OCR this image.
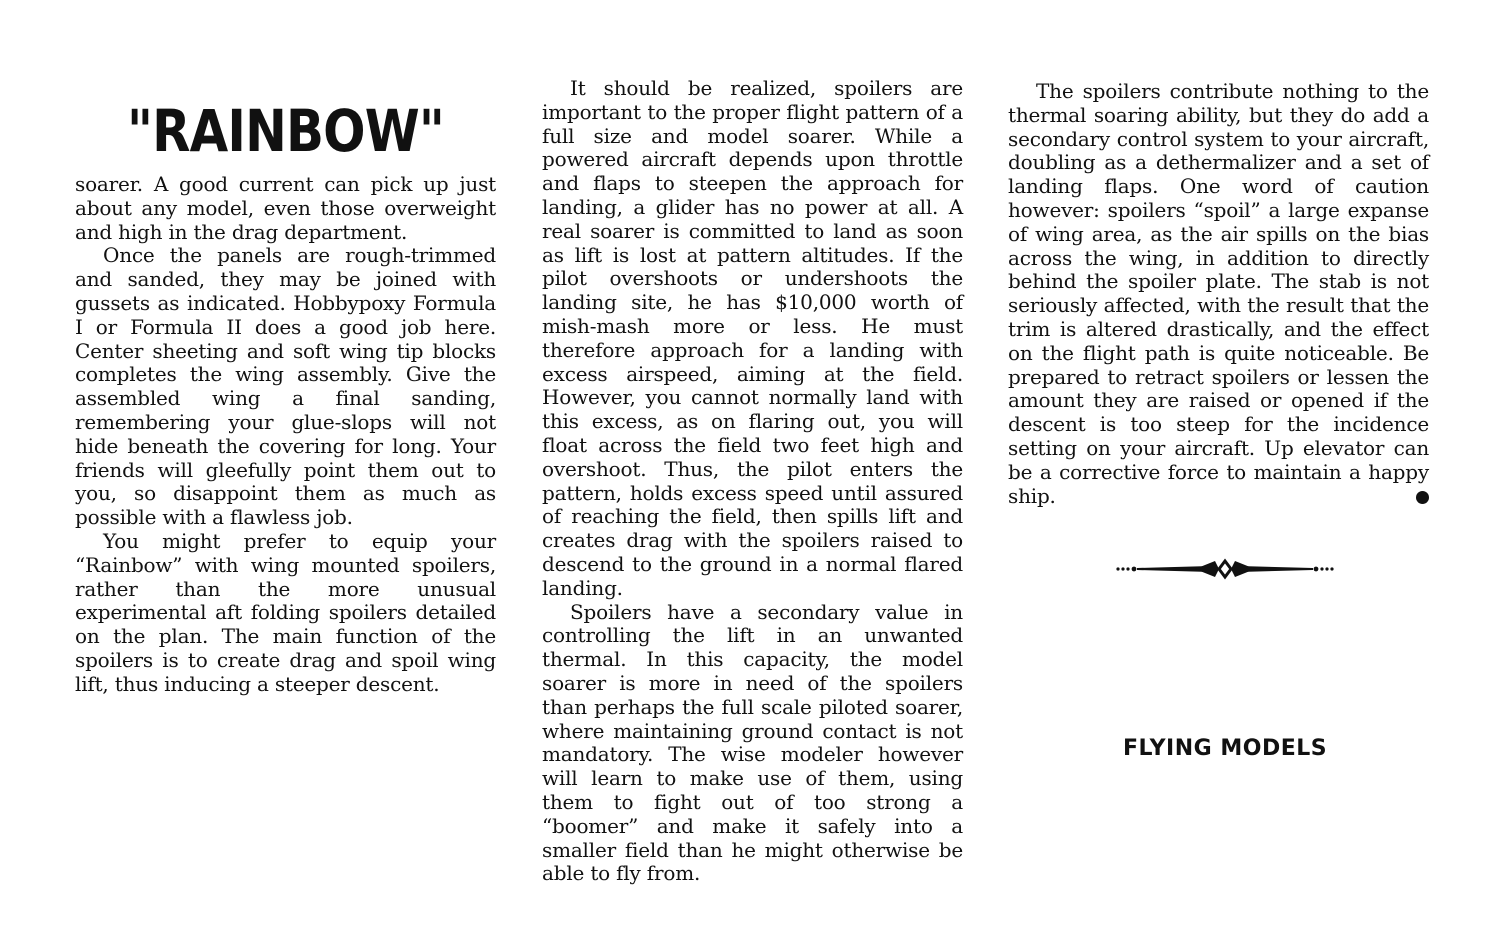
"RAINBOW"

soarer. A good current can pick up just about any model, even those overweight and high in the drag department.

Once the panels are rough-trimmed and sanded, they may be joined with gussets as indicated. Hobbypoxy Formula I or Formula II does a good job here. Center sheeting and soft wing tip blocks completes the wing assembly. Give the assembled wing a final sanding, remembering your glue-slops will not hide beneath the covering for long. Your friends will gleefully point them out to you, so disappoint them as much as possible with a flawless job.

You might prefer to equip your “Rainbow” with wing mounted spoilers, rather than the more unusual experimental aft folding spoilers detailed on the plan. The main function of the spoilers is to create drag and spoil wing lift, thus inducing a steeper descent.

It should be realized, spoilers are important to the proper flight pattern of a full size and model soarer. While a powered aircraft depends upon throttle and flaps to steepen the approach for landing, a glider has no power at all. A real soarer is committed to land as soon as lift is lost at pattern altitudes. If the pilot overshoots or undershoots the landing site, he has $10,000 worth of mish-mash more or less. He must therefore approach for a landing with excess airspeed, aiming at the field. However, you cannot normally land with this excess, as on flaring out, you will float across the field two feet high and overshoot. Thus, the pilot enters the pattern, holds excess speed until assured of reaching the field, then spills lift and creates drag with the spoilers raised to descend to the ground in a normal flared landing.

Spoilers have a secondary value in controlling the lift in an unwanted thermal. In this capacity, the model soarer is more in need of the spoilers than perhaps the full scale piloted soarer, where maintaining ground contact is not mandatory. The wise modeler however will learn to make use of them, using them to fight out of too strong a “boomer” and make it safely into a smaller field than he might otherwise be able to fly from.

The spoilers contribute nothing to the thermal soaring ability, but they do add a secondary control system to your aircraft, doubling as a dethermalizer and a set of landing flaps. One word of caution however: spoilers “spoil” a large expanse of wing area, as the air spills on the bias across the wing, in addition to directly behind the spoiler plate. The stab is not seriously affected, with the result that the trim is altered drastically, and the effect on the flight path is quite noticeable. Be prepared to retract spoilers or lessen the amount they are raised or opened if the descent is too steep for the incidence setting on your aircraft. Up elevator can be a corrective force to maintain a happy ship.

FLYING MODELS
